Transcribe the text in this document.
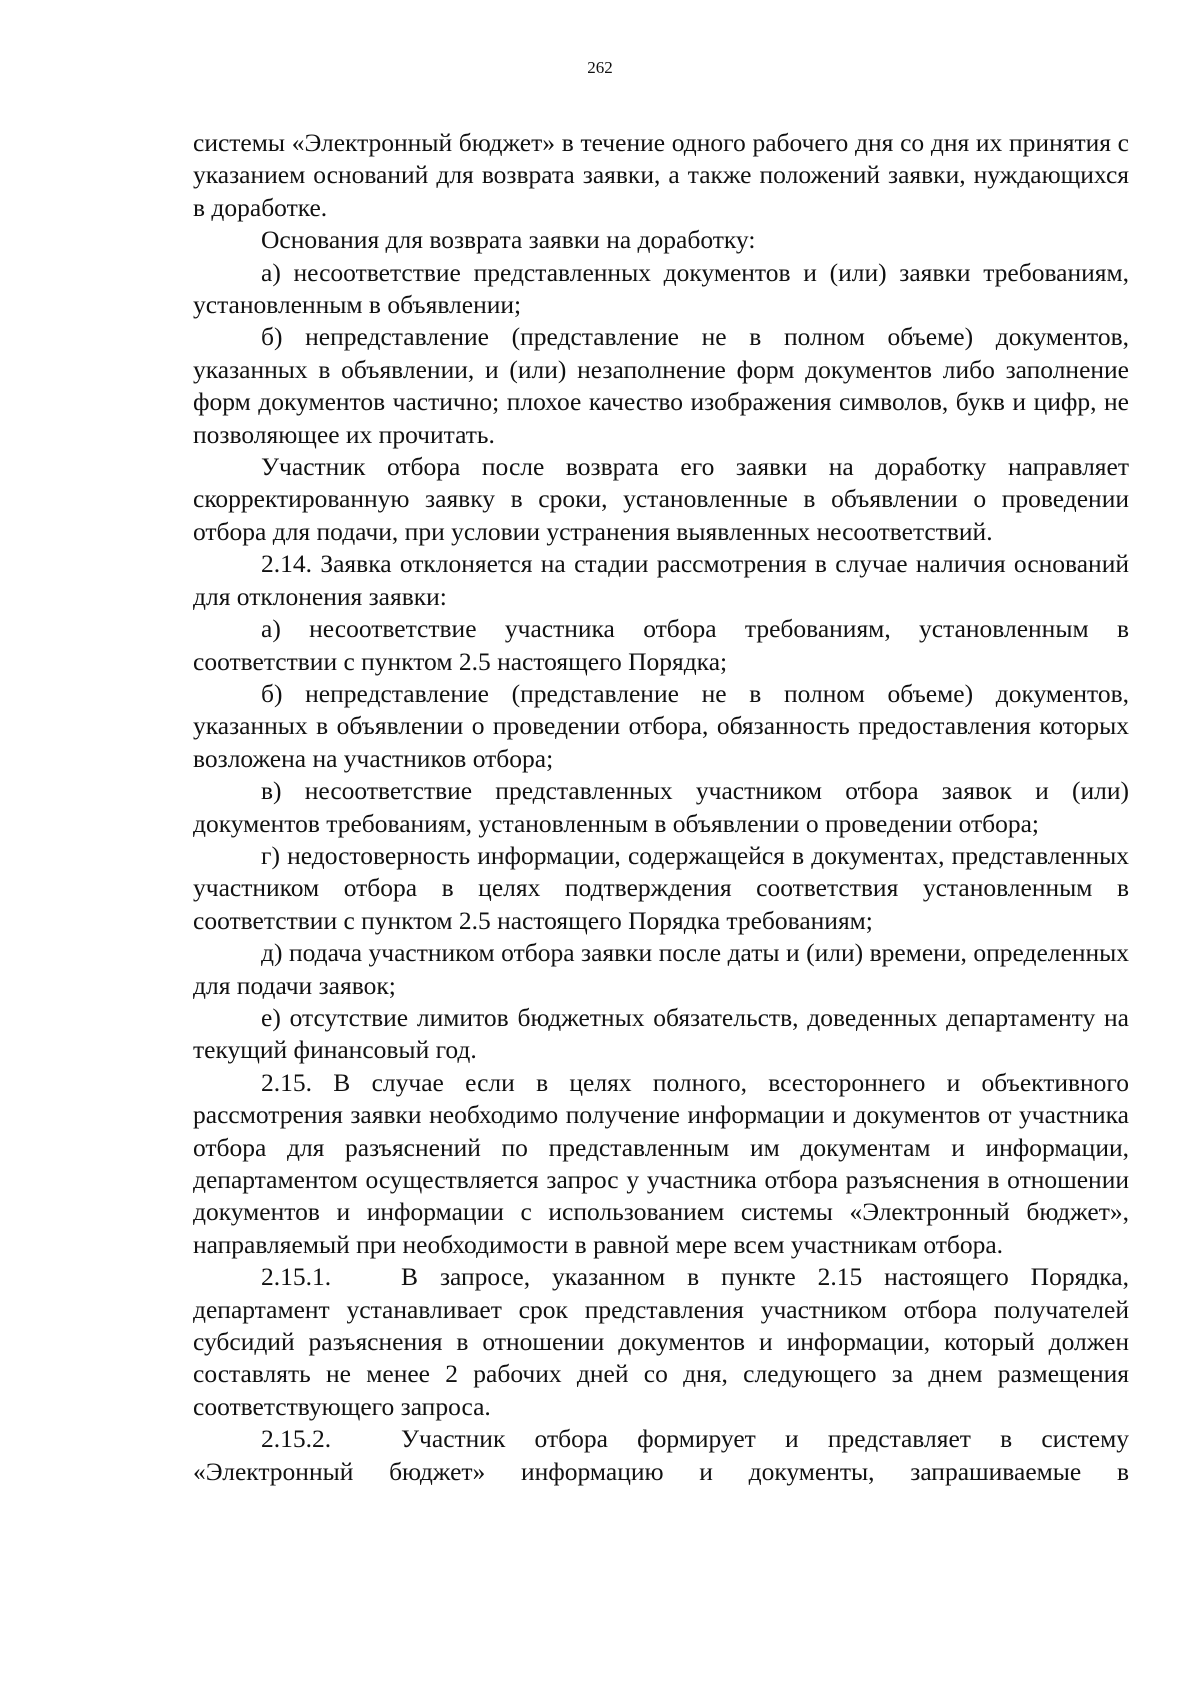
262

системы «Электронный бюджет» в течение одного рабочего дня со дня их принятия с указанием оснований для возврата заявки, а также положений заявки, нуждающихся в доработке.

Основания для возврата заявки на доработку:

а) несоответствие представленных документов и (или) заявки требованиям, установленным в объявлении;

б) непредставление (представление не в полном объеме) документов, указанных в объявлении, и (или) незаполнение форм документов либо заполнение форм документов частично; плохое качество изображения символов, букв и цифр, не позволяющее их прочитать.

Участник отбора после возврата его заявки на доработку направляет скорректированную заявку в сроки, установленные в объявлении о проведении отбора для подачи, при условии устранения выявленных несоответствий.

2.14. Заявка отклоняется на стадии рассмотрения в случае наличия оснований для отклонения заявки:

а) несоответствие участника отбора требованиям, установленным в соответствии с пунктом 2.5 настоящего Порядка;

б) непредставление (представление не в полном объеме) документов, указанных в объявлении о проведении отбора, обязанность предоставления которых возложена на участников отбора;

в) несоответствие представленных участником отбора заявок и (или) документов требованиям, установленным в объявлении о проведении отбора;

г) недостоверность информации, содержащейся в документах, представленных участником отбора в целях подтверждения соответствия установленным в соответствии с пунктом 2.5 настоящего Порядка требованиям;

д) подача участником отбора заявки после даты и (или) времени, определенных для подачи заявок;

е) отсутствие лимитов бюджетных обязательств, доведенных департаменту на текущий финансовый год.

2.15. В случае если в целях полного, всестороннего и объективного рассмотрения заявки необходимо получение информации и документов от участника отбора для разъяснений по представленным им документам и информации, департаментом осуществляется запрос у участника отбора разъяснения в отношении документов и информации с использованием системы «Электронный бюджет», направляемый при необходимости в равной мере всем участникам отбора.

2.15.1.	В запросе, указанном в пункте 2.15 настоящего Порядка, департамент устанавливает срок представления участником отбора получателей субсидий разъяснения в отношении документов и информации, который должен составлять не менее 2 рабочих дней со дня, следующего за днем размещения соответствующего запроса.

2.15.2.	Участник отбора формирует и представляет в систему «Электронный бюджет» информацию и документы, запрашиваемые в
